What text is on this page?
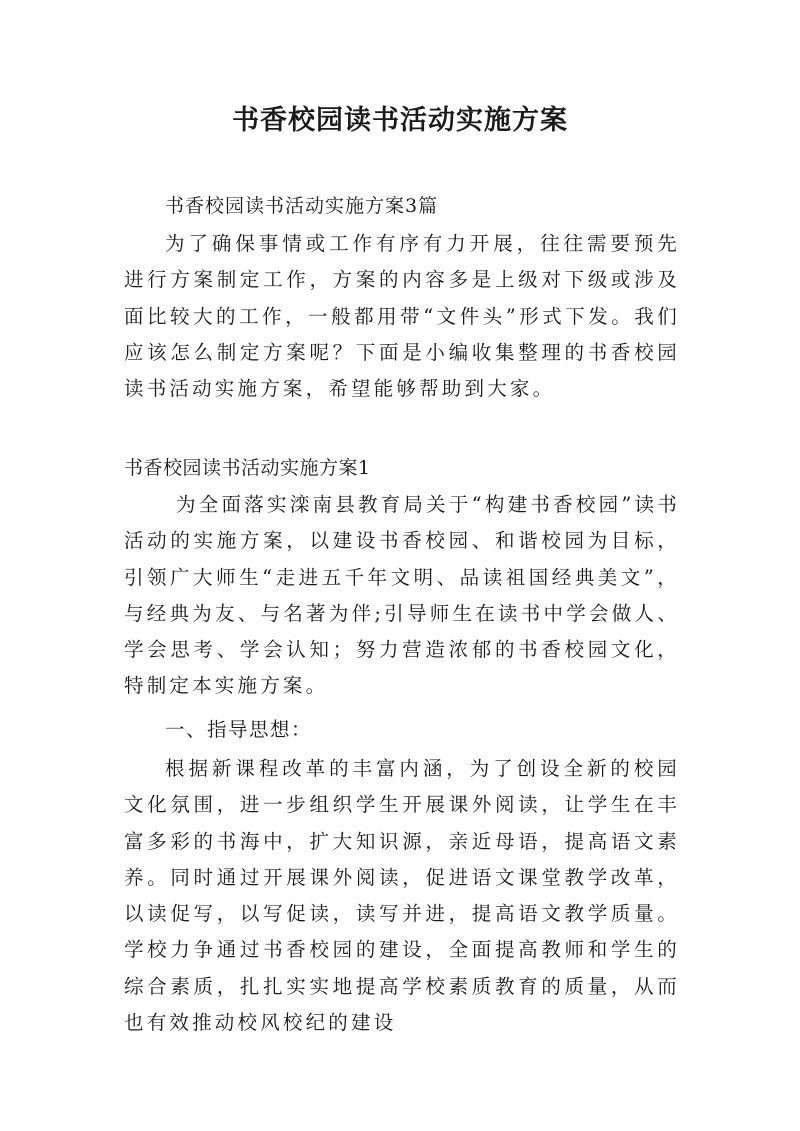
书香校园读书活动实施方案

书香校园读书活动实施方案3篇

为了确保事情或工作有序有力开展，往往需要预先进行方案制定工作，方案的内容多是上级对下级或涉及面比较大的工作，一般都用带“文件头”形式下发。我们应该怎么制定方案呢？下面是小编收集整理的书香校园读书活动实施方案，希望能够帮助到大家。

书香校园读书活动实施方案1

为全面落实滦南县教育局关于“构建书香校园”读书活动的实施方案，以建设书香校园、和谐校园为目标，引领广大师生“走进五千年文明、品读祖国经典美文”，与经典为友、与名著为伴;引导师生在读书中学会做人、学会思考、学会认知；努力营造浓郁的书香校园文化，特制定本实施方案。

一、指导思想：

根据新课程改革的丰富内涵，为了创设全新的校园文化氛围，进一步组织学生开展课外阅读，让学生在丰富多彩的书海中，扩大知识源，亲近母语，提高语文素养。同时通过开展课外阅读，促进语文课堂教学改革，以读促写，以写促读，读写并进，提高语文教学质量。学校力争通过书香校园的建设，全面提高教师和学生的综合素质，扎扎实实地提高学校素质教育的质量，从而也有效推动校风校纪的建设
